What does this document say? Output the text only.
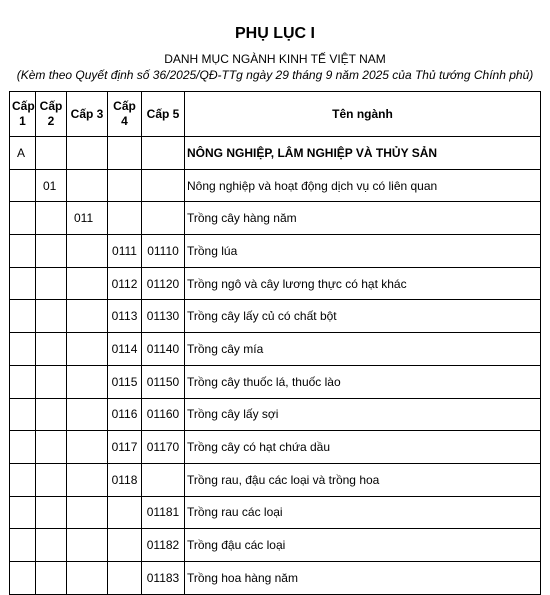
PHỤ LỤC I
DANH MỤC NGÀNH KINH TẾ VIỆT NAM
(Kèm theo Quyết định số 36/2025/QĐ-TTg ngày 29 tháng 9 năm 2025 của Thủ tướng Chính phủ)
Cấp 1	Cấp 2	Cấp 3	Cấp 4	Cấp 5	Tên ngành
A					NÔNG NGHIỆP, LÂM NGHIỆP VÀ THỦY SẢN
	01				Nông nghiệp và hoạt động dịch vụ có liên quan
		011			Trồng cây hàng năm
			0111	01110	Trồng lúa
			0112	01120	Trồng ngô và cây lương thực có hạt khác
			0113	01130	Trồng cây lấy củ có chất bột
			0114	01140	Trồng cây mía
			0115	01150	Trồng cây thuốc lá, thuốc lào
			0116	01160	Trồng cây lấy sợi
			0117	01170	Trồng cây có hạt chứa dầu
			0118		Trồng rau, đậu các loại và trồng hoa
				01181	Trồng rau các loại
				01182	Trồng đậu các loại
				01183	Trồng hoa hàng năm
